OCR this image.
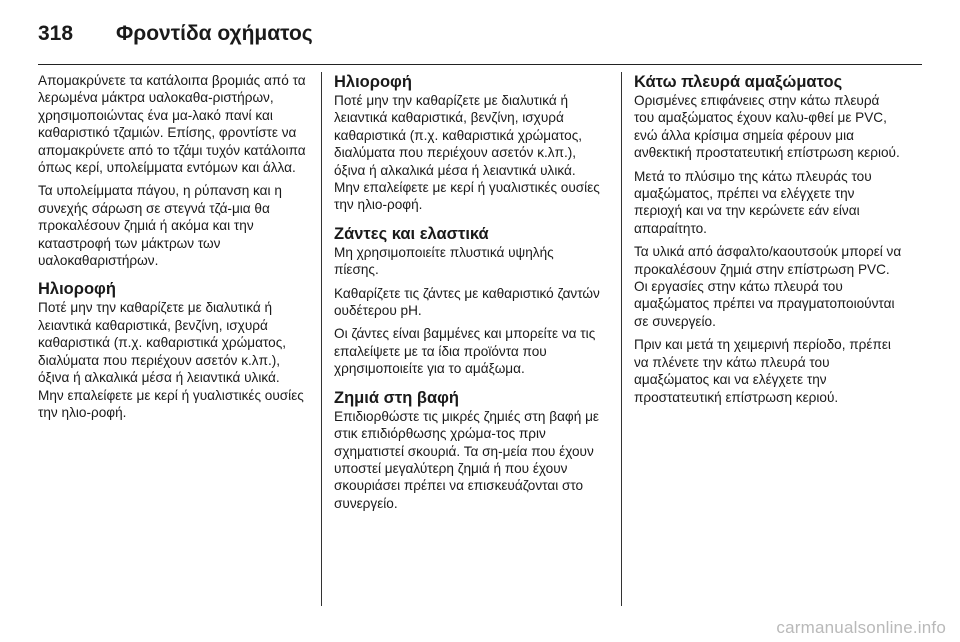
318	Φροντίδα οχήματος

Απομακρύνετε τα κατάλοιπα βρομιάς από τα λερωμένα μάκτρα υαλοκαθα-ριστήρων, χρησιμοποιώντας ένα μα-λακό πανί και καθαριστικό τζαμιών. Επίσης, φροντίστε να απομακρύνετε από το τζάμι τυχόν κατάλοιπα όπως κερί, υπολείμματα εντόμων και άλλα.

Τα υπολείμματα πάγου, η ρύπανση και η συνεχής σάρωση σε στεγνά τζά-μια θα προκαλέσουν ζημιά ή ακόμα και την καταστροφή των μάκτρων των υαλοκαθαριστήρων.

Ηλιοροφή

Ποτέ μην την καθαρίζετε με διαλυτικά ή λειαντικά καθαριστικά, βενζίνη, ισχυρά καθαριστικά (π.χ. καθαριστικά χρώματος, διαλύματα που περιέχουν ασετόν κ.λπ.), όξινα ή αλκαλικά μέσα ή λειαντικά υλικά. Μην επαλείφετε με κερί ή γυαλιστικές ουσίες την ηλιο-ροφή.

Ηλιοροφή

Ποτέ μην την καθαρίζετε με διαλυτικά ή λειαντικά καθαριστικά, βενζίνη, ισχυρά καθαριστικά (π.χ. καθαριστικά χρώματος, διαλύματα που περιέχουν ασετόν κ.λπ.), όξινα ή αλκαλικά μέσα ή λειαντικά υλικά. Μην επαλείφετε με κερί ή γυαλιστικές ουσίες την ηλιο-ροφή.

Ζάντες και ελαστικά

Μη χρησιμοποιείτε πλυστικά υψηλής πίεσης.

Καθαρίζετε τις ζάντες με καθαριστικό ζαντών ουδέτερου pH.

Οι ζάντες είναι βαμμένες και μπορείτε να τις επαλείψετε με τα ίδια προϊόντα που χρησιμοποιείτε για το αμάξωμα.

Ζημιά στη βαφή

Επιδιορθώστε τις μικρές ζημιές στη βαφή με στικ επιδιόρθωσης χρώμα-τος πριν σχηματιστεί σκουριά. Τα ση-μεία που έχουν υποστεί μεγαλύτερη ζημιά ή που έχουν σκουριάσει πρέπει να επισκευάζονται στο συνεργείο.

Κάτω πλευρά αμαξώματος

Ορισμένες επιφάνειες στην κάτω πλευρά του αμαξώματος έχουν καλυ-φθεί με PVC, ενώ άλλα κρίσιμα σημεία φέρουν μια ανθεκτική προστατευτική επίστρωση κεριού.

Μετά το πλύσιμο της κάτω πλευράς του αμαξώματος, πρέπει να ελέγχετε την περιοχή και να την κερώνετε εάν είναι απαραίτητο.

Τα υλικά από άσφαλτο/καουτσούκ μπορεί να προκαλέσουν ζημιά στην επίστρωση PVC. Οι εργασίες στην κάτω πλευρά του αμαξώματος πρέπει να πραγματοποιούνται σε συνεργείο.

Πριν και μετά τη χειμερινή περίοδο, πρέπει να πλένετε την κάτω πλευρά του αμαξώματος και να ελέγχετε την προστατευτική επίστρωση κεριού.

carmanualsonline.info
